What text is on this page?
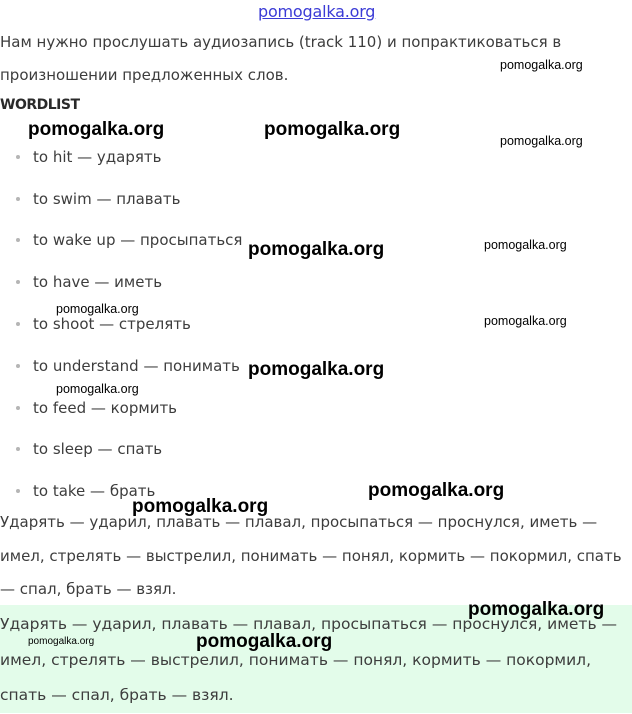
pomogalka.org
Нам нужно прослушать аудиозапись (track 110) и попрактиковаться в произношении предложенных слов.
WORDLIST
to hit — ударять
to swim — плавать
to wake up — просыпаться
to have — иметь
to shoot — стрелять
to understand — понимать
to feed — кормить
to sleep — спать
to take — брать
Ударять — ударил, плавать — плавал, просыпаться — проснулся, иметь — имел, стрелять — выстрелил, понимать — понял, кормить — покормил, спать — спал, брать — взял.
Ударять — ударил, плавать — плавал, просыпаться — проснулся, иметь — имел, стрелять — выстрелил, понимать — понял, кормить — покормил, спать — спал, брать — взял.
pomogalka.org
pomogalka.org	pomogalka.org
pomogalka.org
pomogalka.org
pomogalka.org
pomogalka.org
pomogalka.org
pomogalka.org
pomogalka.org
pomogalka.org
pomogalka.org
pomogalka.org
pomogalka.org
pomogalka.org
